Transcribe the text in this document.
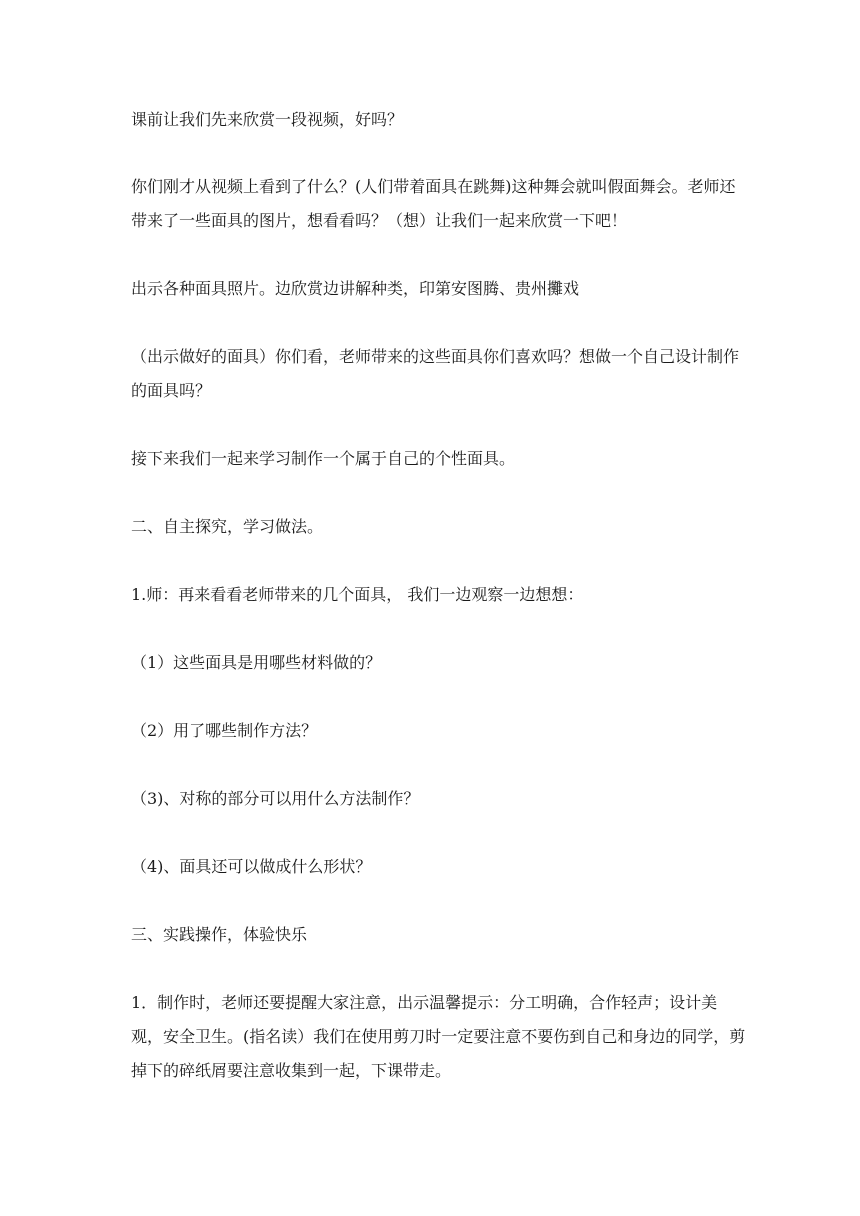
课前让我们先来欣赏一段视频，好吗？

你们刚才从视频上看到了什么？(人们带着面具在跳舞)这种舞会就叫假面舞会。老师还带来了一些面具的图片，想看看吗？（想）让我们一起来欣赏一下吧！

出示各种面具照片。边欣赏边讲解种类，印第安图腾、贵州攤戏

（出示做好的面具）你们看，老师带来的这些面具你们喜欢吗？想做一个自己设计制作的面具吗？

接下来我们一起来学习制作一个属于自己的个性面具。

二、自主探究，学习做法。

1.师：再来看看老师带来的几个面具， 我们一边观察一边想想：

（1）这些面具是用哪些材料做的？

（2）用了哪些制作方法？

（3)、对称的部分可以用什么方法制作？

（4)、面具还可以做成什么形状？

三、实践操作，体验快乐

1．制作时，老师还要提醒大家注意，出示温馨提示：分工明确，合作轻声；设计美观，安全卫生。(指名读）我们在使用剪刀时一定要注意不要伤到自己和身边的同学，剪掉下的碎纸屑要注意收集到一起，下课带走。
